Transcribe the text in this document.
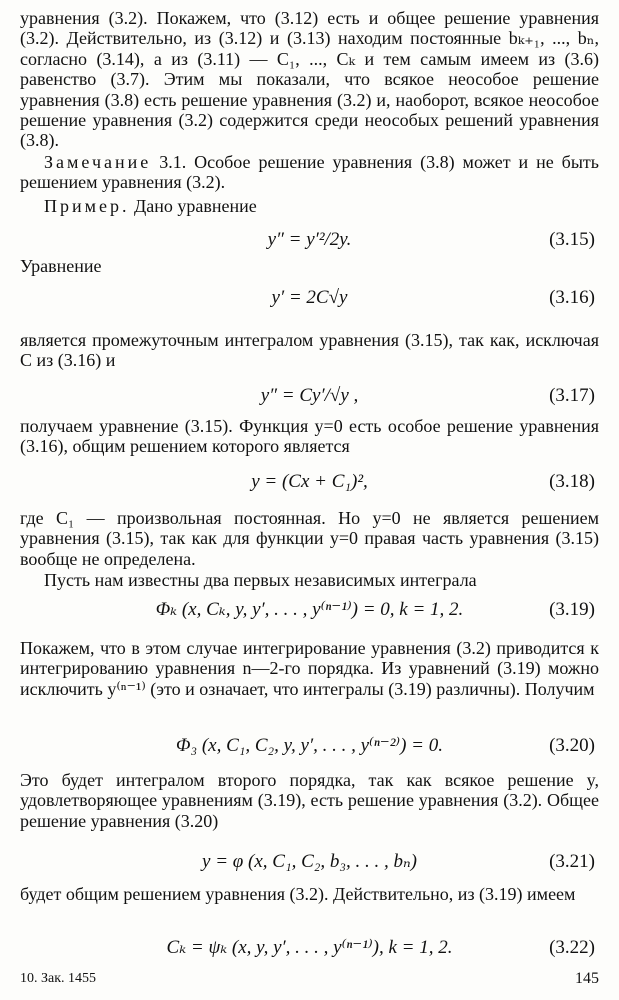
уравнения (3.2). Покажем, что (3.12) есть и общее решение уравнения (3.2). Действительно, из (3.12) и (3.13) находим постоянные bₖ₊₁, ..., bₙ, согласно (3.14), а из (3.11) — C₁, ..., Cₖ и тем самым имеем из (3.6) равенство (3.7). Этим мы показали, что всякое неособое решение уравнения (3.8) есть решение уравнения (3.2) и, наоборот, всякое неособое решение уравнения (3.2) содержится среди неособых решений уравнения (3.8).

Замечание 3.1. Особое решение уравнения (3.8) может и не быть решением уравнения (3.2).

Пример. Дано уравнение

y″ = y′²/2y.	(3.15)

Уравнение

y′ = 2C√y	(3.16)

является промежуточным интегралом уравнения (3.15), так как, исключая C из (3.16) и

y″ = Cy′/√y ,	(3.17)

получаем уравнение (3.15). Функция y=0 есть особое решение уравнения (3.16), общим решением которого является

y = (Cx + C₁)²,	(3.18)

где C₁ — произвольная постоянная. Но y=0 не является решением уравнения (3.15), так как для функции y=0 правая часть уравнения (3.15) вообще не определена.

Пусть нам известны два первых независимых интеграла

Φₖ (x, Cₖ, y, y′, . . . , y⁽ⁿ⁻¹⁾) = 0, k = 1, 2.	(3.19)

Покажем, что в этом случае интегрирование уравнения (3.2) приводится к интегрированию уравнения n—2-го порядка. Из уравнений (3.19) можно исключить y⁽ⁿ⁻¹⁾ (это и означает, что интегралы (3.19) различны). Получим

Φ₃ (x, C₁, C₂, y, y′, . . . , y⁽ⁿ⁻²⁾) = 0.	(3.20)

Это будет интегралом второго порядка, так как всякое решение y, удовлетворяющее уравнениям (3.19), есть решение уравнения (3.2). Общее решение уравнения (3.20)

y = φ (x, C₁, C₂, b₃, . . . , bₙ)	(3.21)

будет общим решением уравнения (3.2). Действительно, из (3.19) имеем

Cₖ = ψₖ (x, y, y′, . . . , y⁽ⁿ⁻¹⁾), k = 1, 2.	(3.22)
10. Зак. 1455	145
